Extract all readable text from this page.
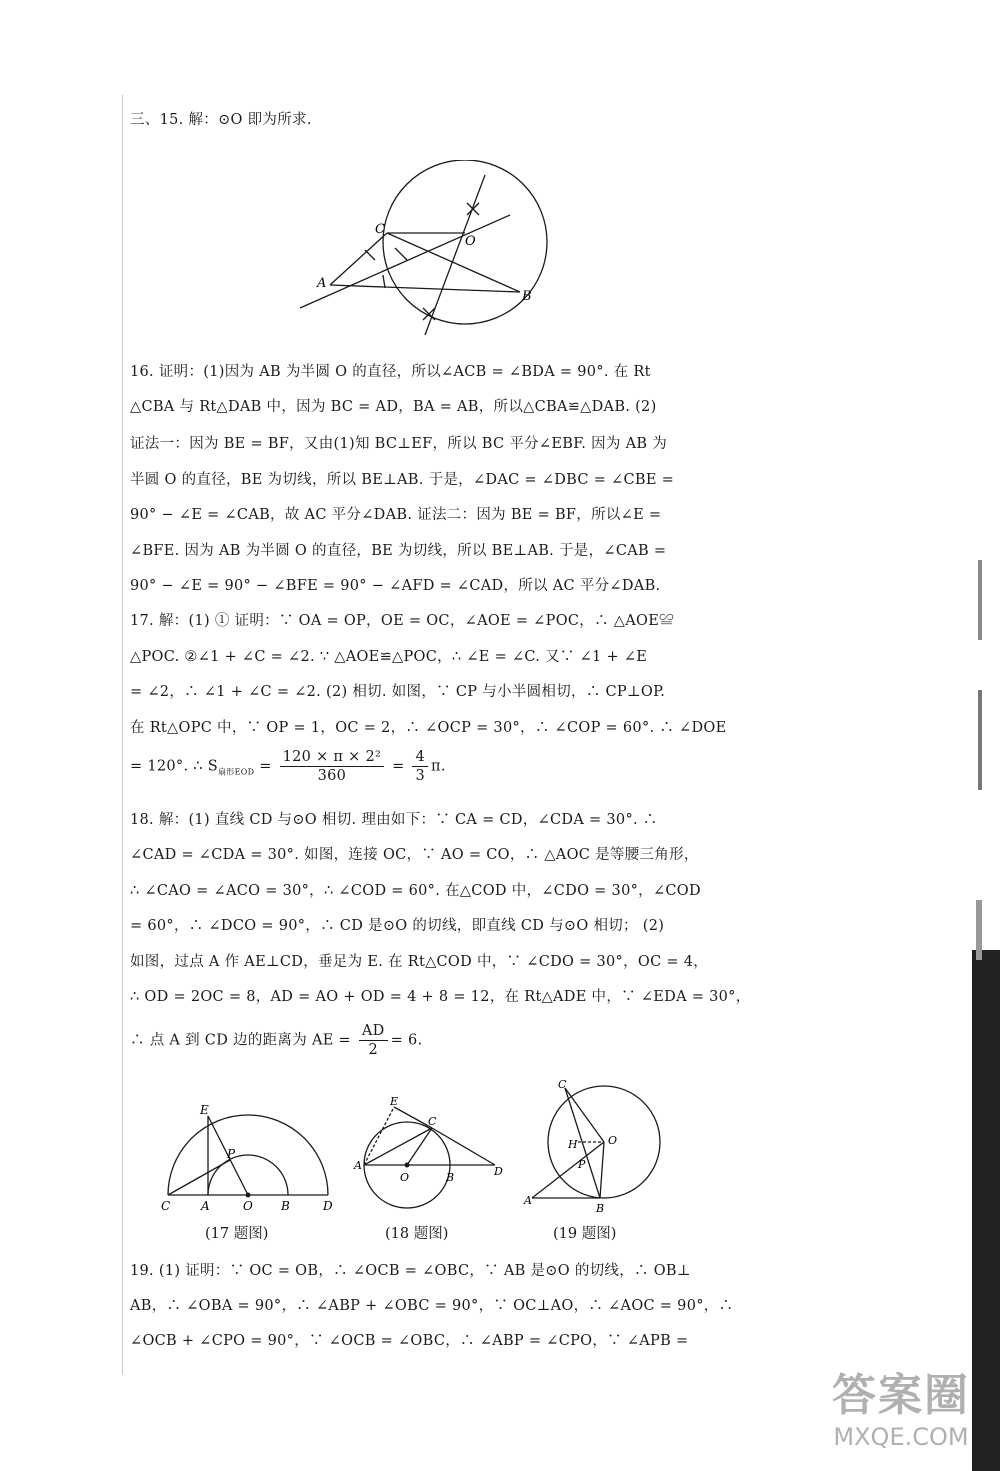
三、15. 解：⊙O 即为所求.
A
B
C
O
16. 证明：(1)因为 AB 为半圆 O 的直径，所以∠ACB = ∠BDA = 90°. 在 Rt
△CBA 与 Rt△DAB 中，因为 BC = AD，BA = AB，所以△CBA≌△DAB. (2)
证法一：因为 BE = BF，又由(1)知 BC⊥EF，所以 BC 平分∠EBF. 因为 AB 为
半圆 O 的直径，BE 为切线，所以 BE⊥AB. 于是，∠DAC = ∠DBC = ∠CBE =
90° − ∠E = ∠CAB，故 AC 平分∠DAB. 证法二：因为 BE = BF，所以∠E =
∠BFE. 因为 AB 为半圆 O 的直径，BE 为切线，所以 BE⊥AB. 于是，∠CAB =
90° − ∠E = 90° − ∠BFE = 90° − ∠AFD = ∠CAD，所以 AC 平分∠DAB.
17. 解：(1) ① 证明：∵ OA = OP，OE = OC，∠AOE = ∠POC，∴ △AOE≌
△POC. ②∠1 + ∠C = ∠2. ∵ △AOE≌△POC，∴ ∠E = ∠C. 又∵ ∠1 + ∠E
= ∠2，∴ ∠1 + ∠C = ∠2. (2) 相切. 如图，∵ CP 与小半圆相切，∴ CP⊥OP.
在 Rt△OPC 中，∵ OP = 1，OC = 2，∴ ∠OCP = 30°，∴ ∠COP = 60°. ∴ ∠DOE
= 120°. ∴ $S_{扇形EOD} = \frac{\text{120 × π × 2²}}{360} = \frac{4}{3} \pi$.
18. 解：(1) 直线 CD 与⊙O 相切. 理由如下：∵ CA = CD，∠CDA = 30°. ∴
∠CAD = ∠CDA = 30°. 如图，连接 OC，∵ AO = CO，∴ △AOC 是等腰三角形，
∴ ∠CAO = ∠ACO = 30°，∴ ∠COD = 60°. 在△COD 中，∠CDO = 30°，∠COD
= 60°，∴ ∠DCO = 90°，∴ CD 是⊙O 的切线，即直线 CD 与⊙O 相切； (2)
如图，过点 A 作 AE⊥CD，垂足为 E. 在 Rt△COD 中，∵ ∠CDO = 30°，OC = 4，
∴ OD = 2OC = 8，AD = AO + OD = 4 + 8 = 12，在 Rt△ADE 中，∵ ∠EDA = 30°，
∴ 点 A 到 CD 边的距离为 AE = $\frac{AD}{2} = 6$.
E
P
C	A	O B	D
(17 题图)
E
C
A
O	B	D
(18 题图)
C
O
H
P
A
B
(19 题图)
19. (1) 证明：∵ OC = OB，∴ ∠OCB = ∠OBC，∵ AB 是⊙O 的切线，∴ OB⊥
AB，∴ ∠OBA = 90°，∴ ∠ABP + ∠OBC = 90°，∵ OC⊥AO，∴ ∠AOC = 90°，∴
∠OCB + ∠CPO = 90°，∵ ∠OCB = ∠OBC，∴ ∠ABP = ∠CPO，∵ ∠APB =
答案圈
MXQE.COM
